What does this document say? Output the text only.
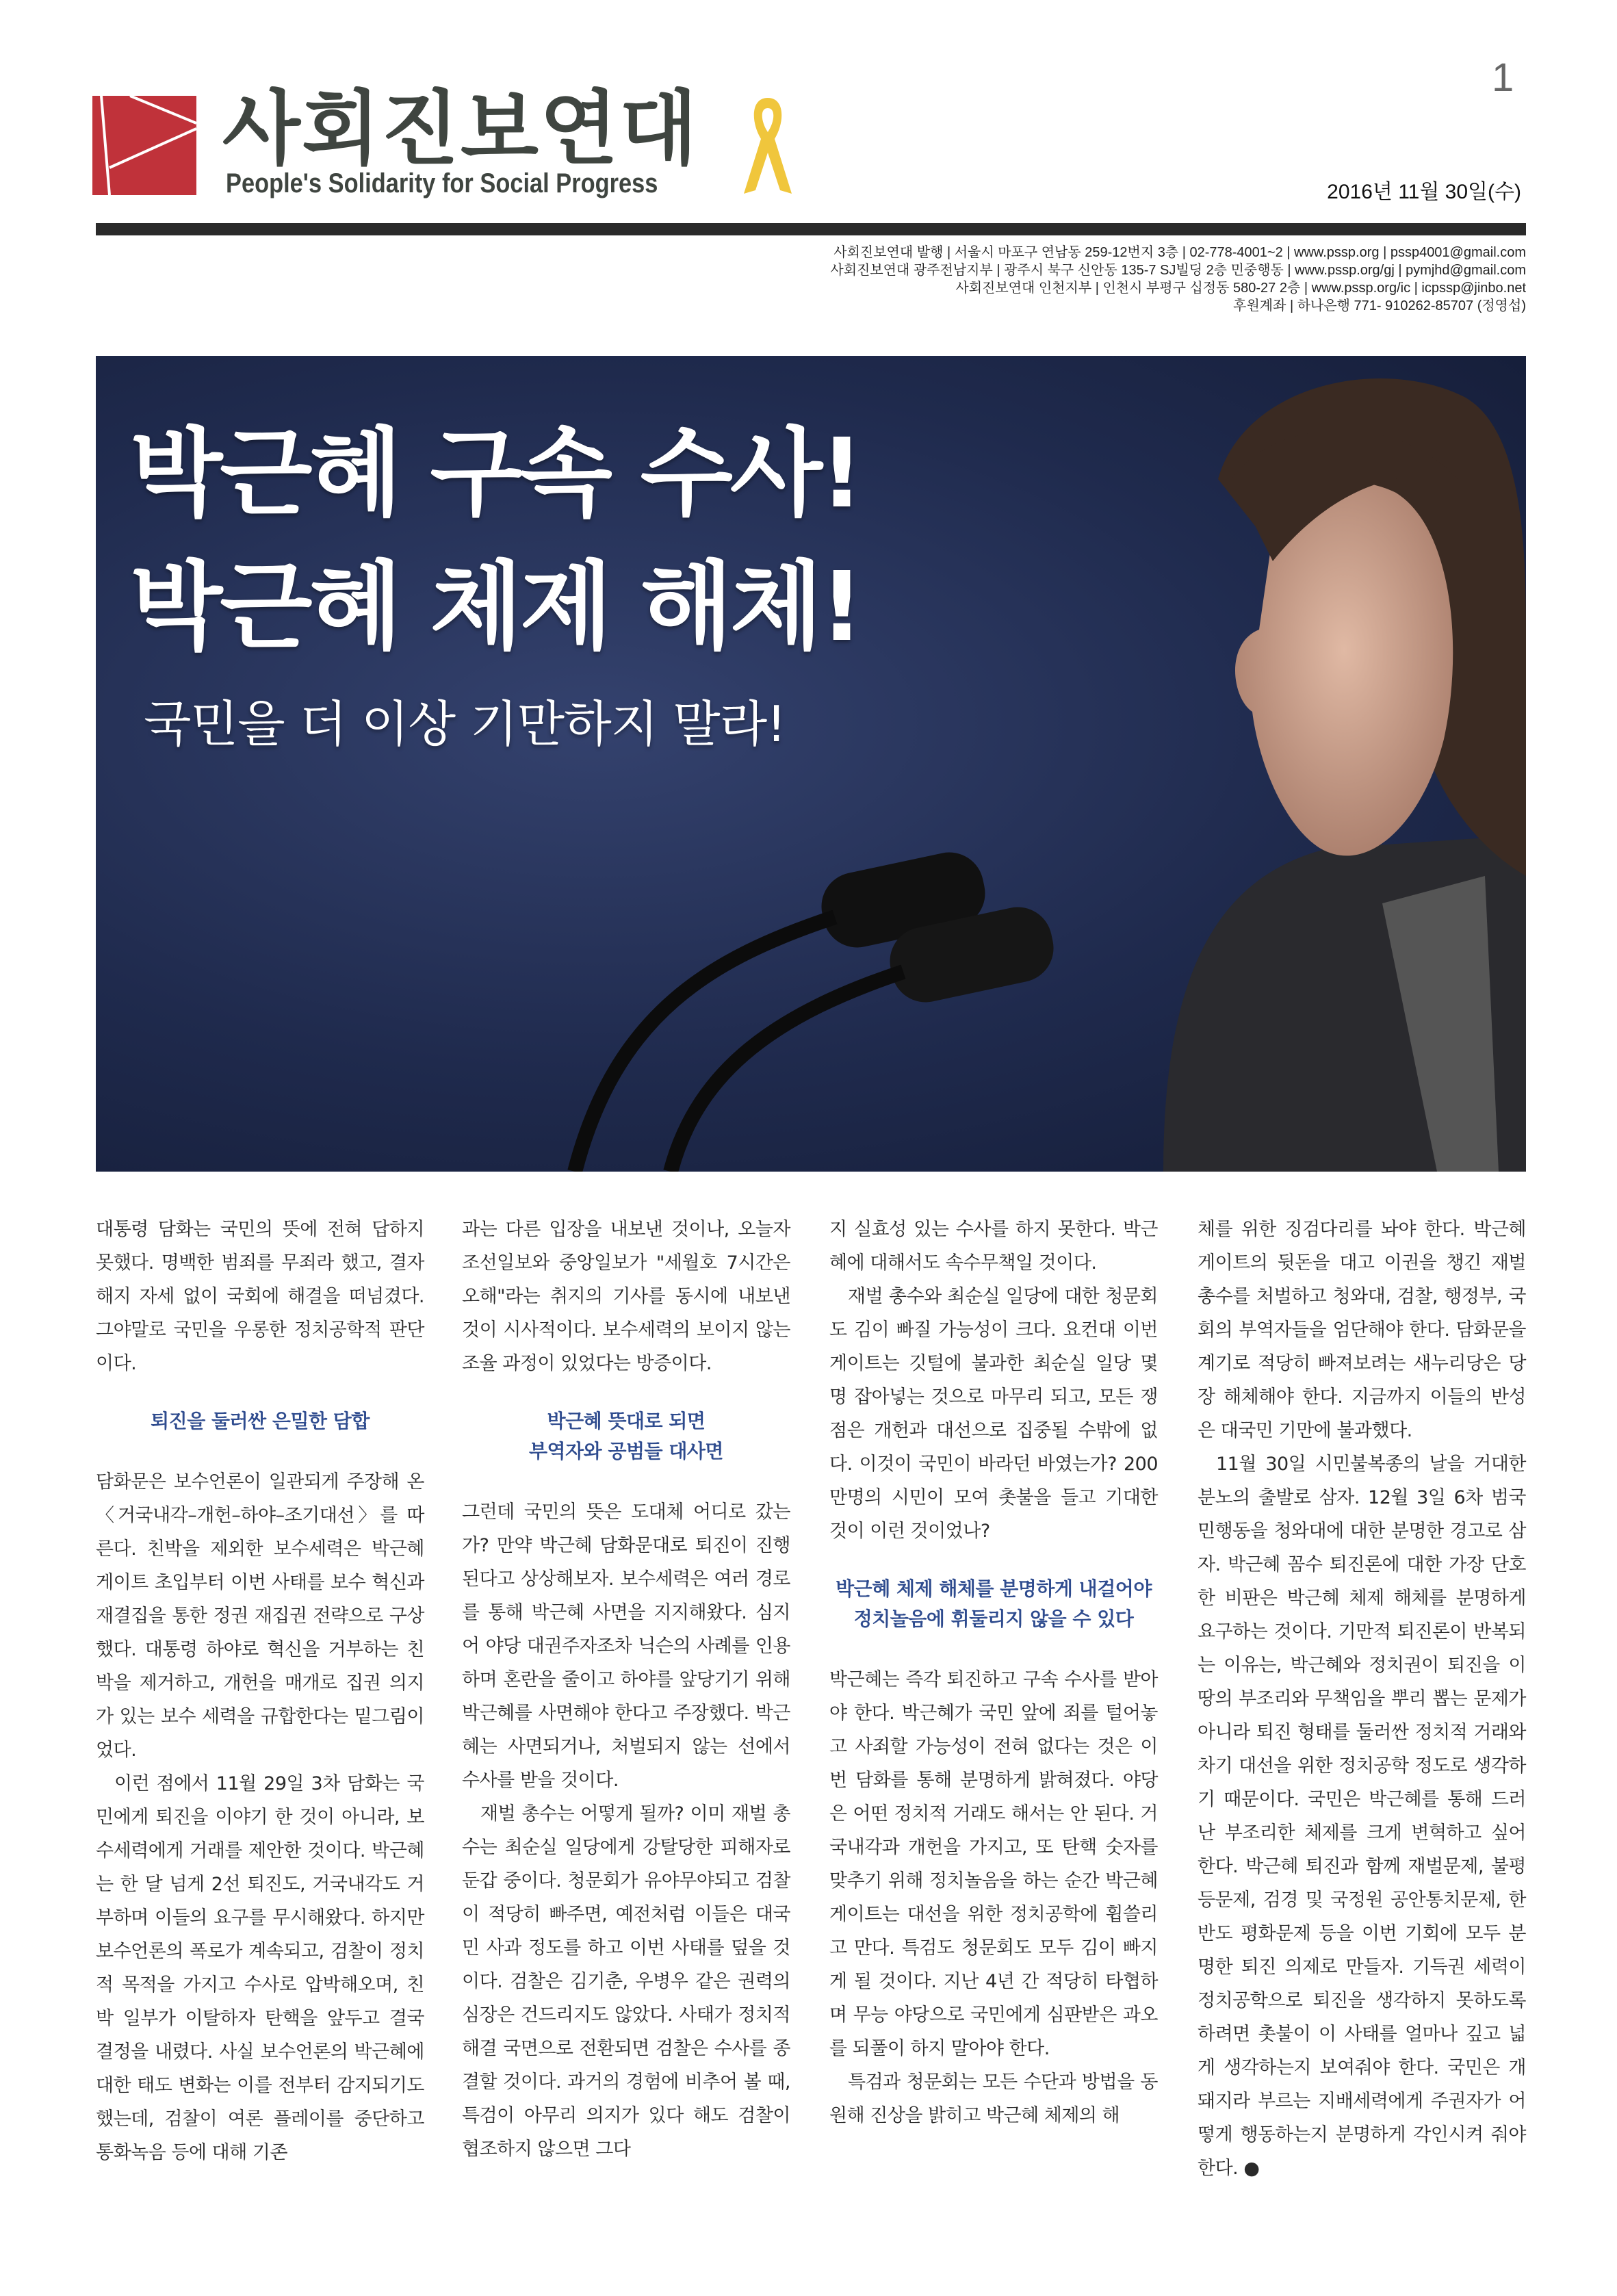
사회진보연대
People's Solidarity for Social Progress
1
2016년 11월 30일(수)
사회진보연대 발행 | 서울시 마포구 연남동 259-12번지 3층 | 02-778-4001~2 | www.pssp.org | pssp4001@gmail.com
사회진보연대 광주전남지부 | 광주시 북구 신안동 135-7 SJ빌딩 2층 민중행동 | www.pssp.org/gj | pymjhd@gmail.com
사회진보연대 인천지부 | 인천시 부평구 십정동 580-27 2층 | www.pssp.org/ic | icpssp@jinbo.net
후원계좌 | 하나은행 771- 910262-85707 (정영섭)
박근혜 구속 수사!
박근혜 체제 해체!
국민을 더 이상 기만하지 말라!

대통령 담화는 국민의 뜻에 전혀 답하지 못했다. 명백한 범죄를 무죄라 했고, 결자해지 자세 없이 국회에 해결을 떠넘겼다. 그야말로 국민을 우롱한 정치공학적 판단이다.

퇴진을 둘러싼 은밀한 담합

담화문은 보수언론이 일관되게 주장해 온 〈거국내각–개헌–하야–조기대선〉를 따른다. 친박을 제외한 보수세력은 박근혜 게이트 초입부터 이번 사태를 보수 혁신과 재결집을 통한 정권 재집권 전략으로 구상했다. 대통령 하야로 혁신을 거부하는 친박을 제거하고, 개헌을 매개로 집권 의지가 있는 보수 세력을 규합한다는 밑그림이었다.

이런 점에서 11월 29일 3차 담화는 국민에게 퇴진을 이야기 한 것이 아니라, 보수세력에게 거래를 제안한 것이다. 박근혜는 한 달 넘게 2선 퇴진도, 거국내각도 거부하며 이들의 요구를 무시해왔다. 하지만 보수언론의 폭로가 계속되고, 검찰이 정치적 목적을 가지고 수사로 압박해오며, 친박 일부가 이탈하자 탄핵을 앞두고 결국 결정을 내렸다. 사실 보수언론의 박근혜에 대한 태도 변화는 이를 전부터 감지되기도 했는데, 검찰이 여론 플레이를 중단하고 통화녹음 등에 대해 기존

과는 다른 입장을 내보낸 것이나, 오늘자 조선일보와 중앙일보가 "세월호 7시간은 오해"라는 취지의 기사를 동시에 내보낸 것이 시사적이다. 보수세력의 보이지 않는 조율 과정이 있었다는 방증이다.

박근혜 뜻대로 되면
부역자와 공범들 대사면

그런데 국민의 뜻은 도대체 어디로 갔는가? 만약 박근혜 담화문대로 퇴진이 진행된다고 상상해보자. 보수세력은 여러 경로를 통해 박근혜 사면을 지지해왔다. 심지어 야당 대권주자조차 닉슨의 사례를 인용하며 혼란을 줄이고 하야를 앞당기기 위해 박근혜를 사면해야 한다고 주장했다. 박근혜는 사면되거나, 처벌되지 않는 선에서 수사를 받을 것이다.

재벌 총수는 어떻게 될까? 이미 재벌 총수는 최순실 일당에게 강탈당한 피해자로 둔갑 중이다. 청문회가 유야무야되고 검찰이 적당히 빠주면, 예전처럼 이들은 대국민 사과 정도를 하고 이번 사태를 덮을 것이다. 검찰은 김기춘, 우병우 같은 권력의 심장은 건드리지도 않았다. 사태가 정치적 해결 국면으로 전환되면 검찰은 수사를 종결할 것이다. 과거의 경험에 비추어 볼 때, 특검이 아무리 의지가 있다 해도 검찰이 협조하지 않으면 그다

지 실효성 있는 수사를 하지 못한다. 박근혜에 대해서도 속수무책일 것이다.

재벌 총수와 최순실 일당에 대한 청문회도 김이 빠질 가능성이 크다. 요컨대 이번 게이트는 깃털에 불과한 최순실 일당 몇 명 잡아넣는 것으로 마무리 되고, 모든 쟁점은 개헌과 대선으로 집중될 수밖에 없다. 이것이 국민이 바라던 바였는가? 200만명의 시민이 모여 촛불을 들고 기대한 것이 이런 것이었나?

박근혜 체제 해체를 분명하게 내걸어야
정치놀음에 휘둘리지 않을 수 있다

박근혜는 즉각 퇴진하고 구속 수사를 받아야 한다. 박근혜가 국민 앞에 죄를 털어놓고 사죄할 가능성이 전혀 없다는 것은 이번 담화를 통해 분명하게 밝혀졌다. 야당은 어떤 정치적 거래도 해서는 안 된다. 거국내각과 개헌을 가지고, 또 탄핵 숫자를 맞추기 위해 정치놀음을 하는 순간 박근혜 게이트는 대선을 위한 정치공학에 휩쓸리고 만다. 특검도 청문회도 모두 김이 빠지게 될 것이다. 지난 4년 간 적당히 타협하며 무능 야당으로 국민에게 심판받은 과오를 되풀이 하지 말아야 한다.

특검과 청문회는 모든 수단과 방법을 동원해 진상을 밝히고 박근혜 체제의 해

체를 위한 징검다리를 놔야 한다. 박근혜 게이트의 뒷돈을 대고 이권을 챙긴 재벌 총수를 처벌하고 청와대, 검찰, 행정부, 국회의 부역자들을 엄단해야 한다. 담화문을 계기로 적당히 빠져보려는 새누리당은 당장 해체해야 한다. 지금까지 이들의 반성은 대국민 기만에 불과했다.

11월 30일 시민불복종의 날을 거대한 분노의 출발로 삼자. 12월 3일 6차 범국민행동을 청와대에 대한 분명한 경고로 삼자. 박근혜 꼼수 퇴진론에 대한 가장 단호한 비판은 박근혜 체제 해체를 분명하게 요구하는 것이다. 기만적 퇴진론이 반복되는 이유는, 박근혜와 정치권이 퇴진을 이 땅의 부조리와 무책임을 뿌리 뽑는 문제가 아니라 퇴진 형태를 둘러싼 정치적 거래와 차기 대선을 위한 정치공학 정도로 생각하기 때문이다. 국민은 박근혜를 통해 드러난 부조리한 체제를 크게 변혁하고 싶어 한다. 박근혜 퇴진과 함께 재벌문제, 불평등문제, 검경 및 국정원 공안통치문제, 한반도 평화문제 등을 이번 기회에 모두 분명한 퇴진 의제로 만들자. 기득권 세력이 정치공학으로 퇴진을 생각하지 못하도록 하려면 촛불이 이 사태를 얼마나 깊고 넓게 생각하는지 보여줘야 한다. 국민은 개돼지라 부르는 지배세력에게 주권자가 어떻게 행동하는지 분명하게 각인시켜 줘야 한다. ●
